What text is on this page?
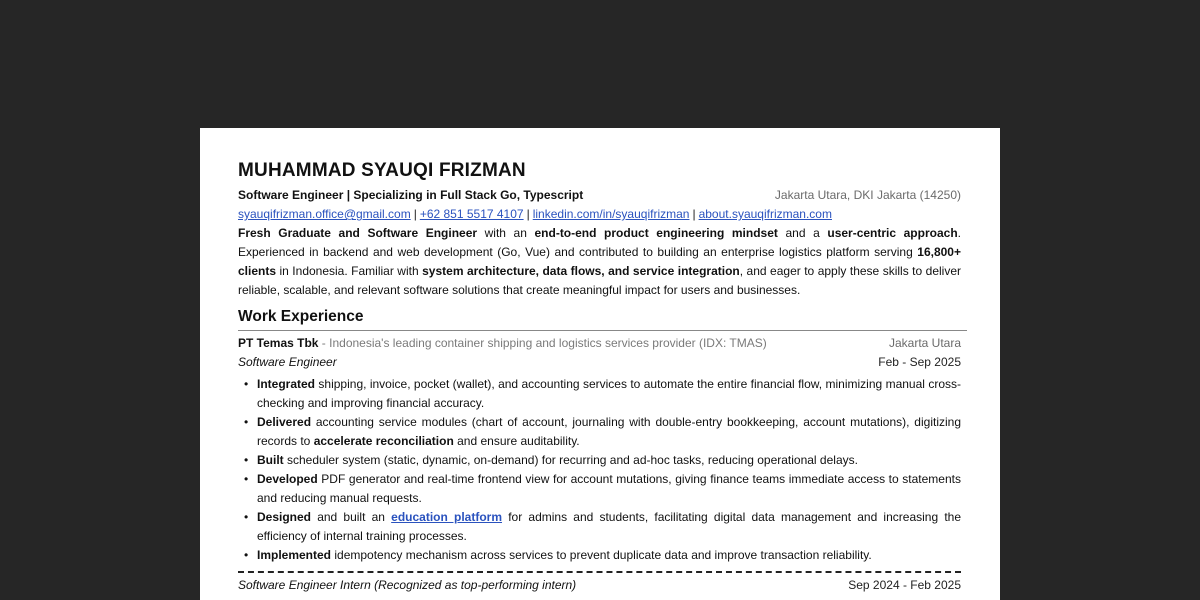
MUHAMMAD SYAUQI FRIZMAN
Software Engineer | Specializing in Full Stack Go, Typescript	Jakarta Utara, DKI Jakarta (14250)
syauqifrizman.office@gmail.com | +62 851 5517 4107 | linkedin.com/in/syauqifrizman | about.syauqifrizman.com

Fresh Graduate and Software Engineer with an end-to-end product engineering mindset and a user-centric approach. Experienced in backend and web development (Go, Vue) and contributed to building an enterprise logistics platform serving 16,800+ clients in Indonesia. Familiar with system architecture, data flows, and service integration, and eager to apply these skills to deliver reliable, scalable, and relevant software solutions that create meaningful impact for users and businesses.

Work Experience
PT Temas Tbk - Indonesia's leading container shipping and logistics services provider (IDX: TMAS)	Jakarta Utara
Software Engineer	Feb - Sep 2025
• Integrated shipping, invoice, pocket (wallet), and accounting services to automate the entire financial flow, minimizing manual cross-checking and improving financial accuracy.
• Delivered accounting service modules (chart of account, journaling with double-entry bookkeeping, account mutations), digitizing records to accelerate reconciliation and ensure auditability.
• Built scheduler system (static, dynamic, on-demand) for recurring and ad-hoc tasks, reducing operational delays.
• Developed PDF generator and real-time frontend view for account mutations, giving finance teams immediate access to statements and reducing manual requests.
• Designed and built an education platform for admins and students, facilitating digital data management and increasing the efficiency of internal training processes.
• Implemented idempotency mechanism across services to prevent duplicate data and improve transaction reliability.
Software Engineer Intern (Recognized as top-performing intern)	Sep 2024 - Feb 2025
